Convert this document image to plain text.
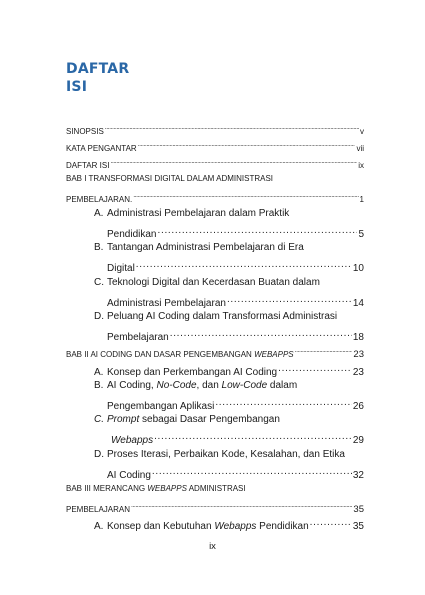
DAFTAR
ISI
SINOPSIS .....	v
KATA PENGANTAR .....	vii
DAFTAR ISI .....	ix
BAB I TRANSFORMASI DIGITAL DALAM ADMINISTRASI
PEMBELAJARAN. .....	1
A. Administrasi Pembelajaran dalam Praktik
Pendidikan .....	5
B. Tantangan Administrasi Pembelajaran di Era
Digital .....	10
C. Teknologi Digital dan Kecerdasan Buatan dalam
Administrasi Pembelajaran .....	14
D. Peluang AI Coding dalam Transformasi Administrasi
Pembelajaran .....	18
BAB II AI CODING DAN DASAR PENGEMBANGAN WEBAPPS .....	23
A. Konsep dan Perkembangan AI Coding .....	23
B. AI Coding, No-Code, dan Low-Code dalam
Pengembangan Aplikasi .....	26
C. Prompt sebagai Dasar Pengembangan
Webapps .....	29
D. Proses Iterasi, Perbaikan Kode, Kesalahan, dan Etika
AI Coding .....	32
BAB III MERANCANG WEBAPPS ADMINISTRASI
PEMBELAJARAN .....	35
A. Konsep dan Kebutuhan Webapps Pendidikan .....	35
ix
